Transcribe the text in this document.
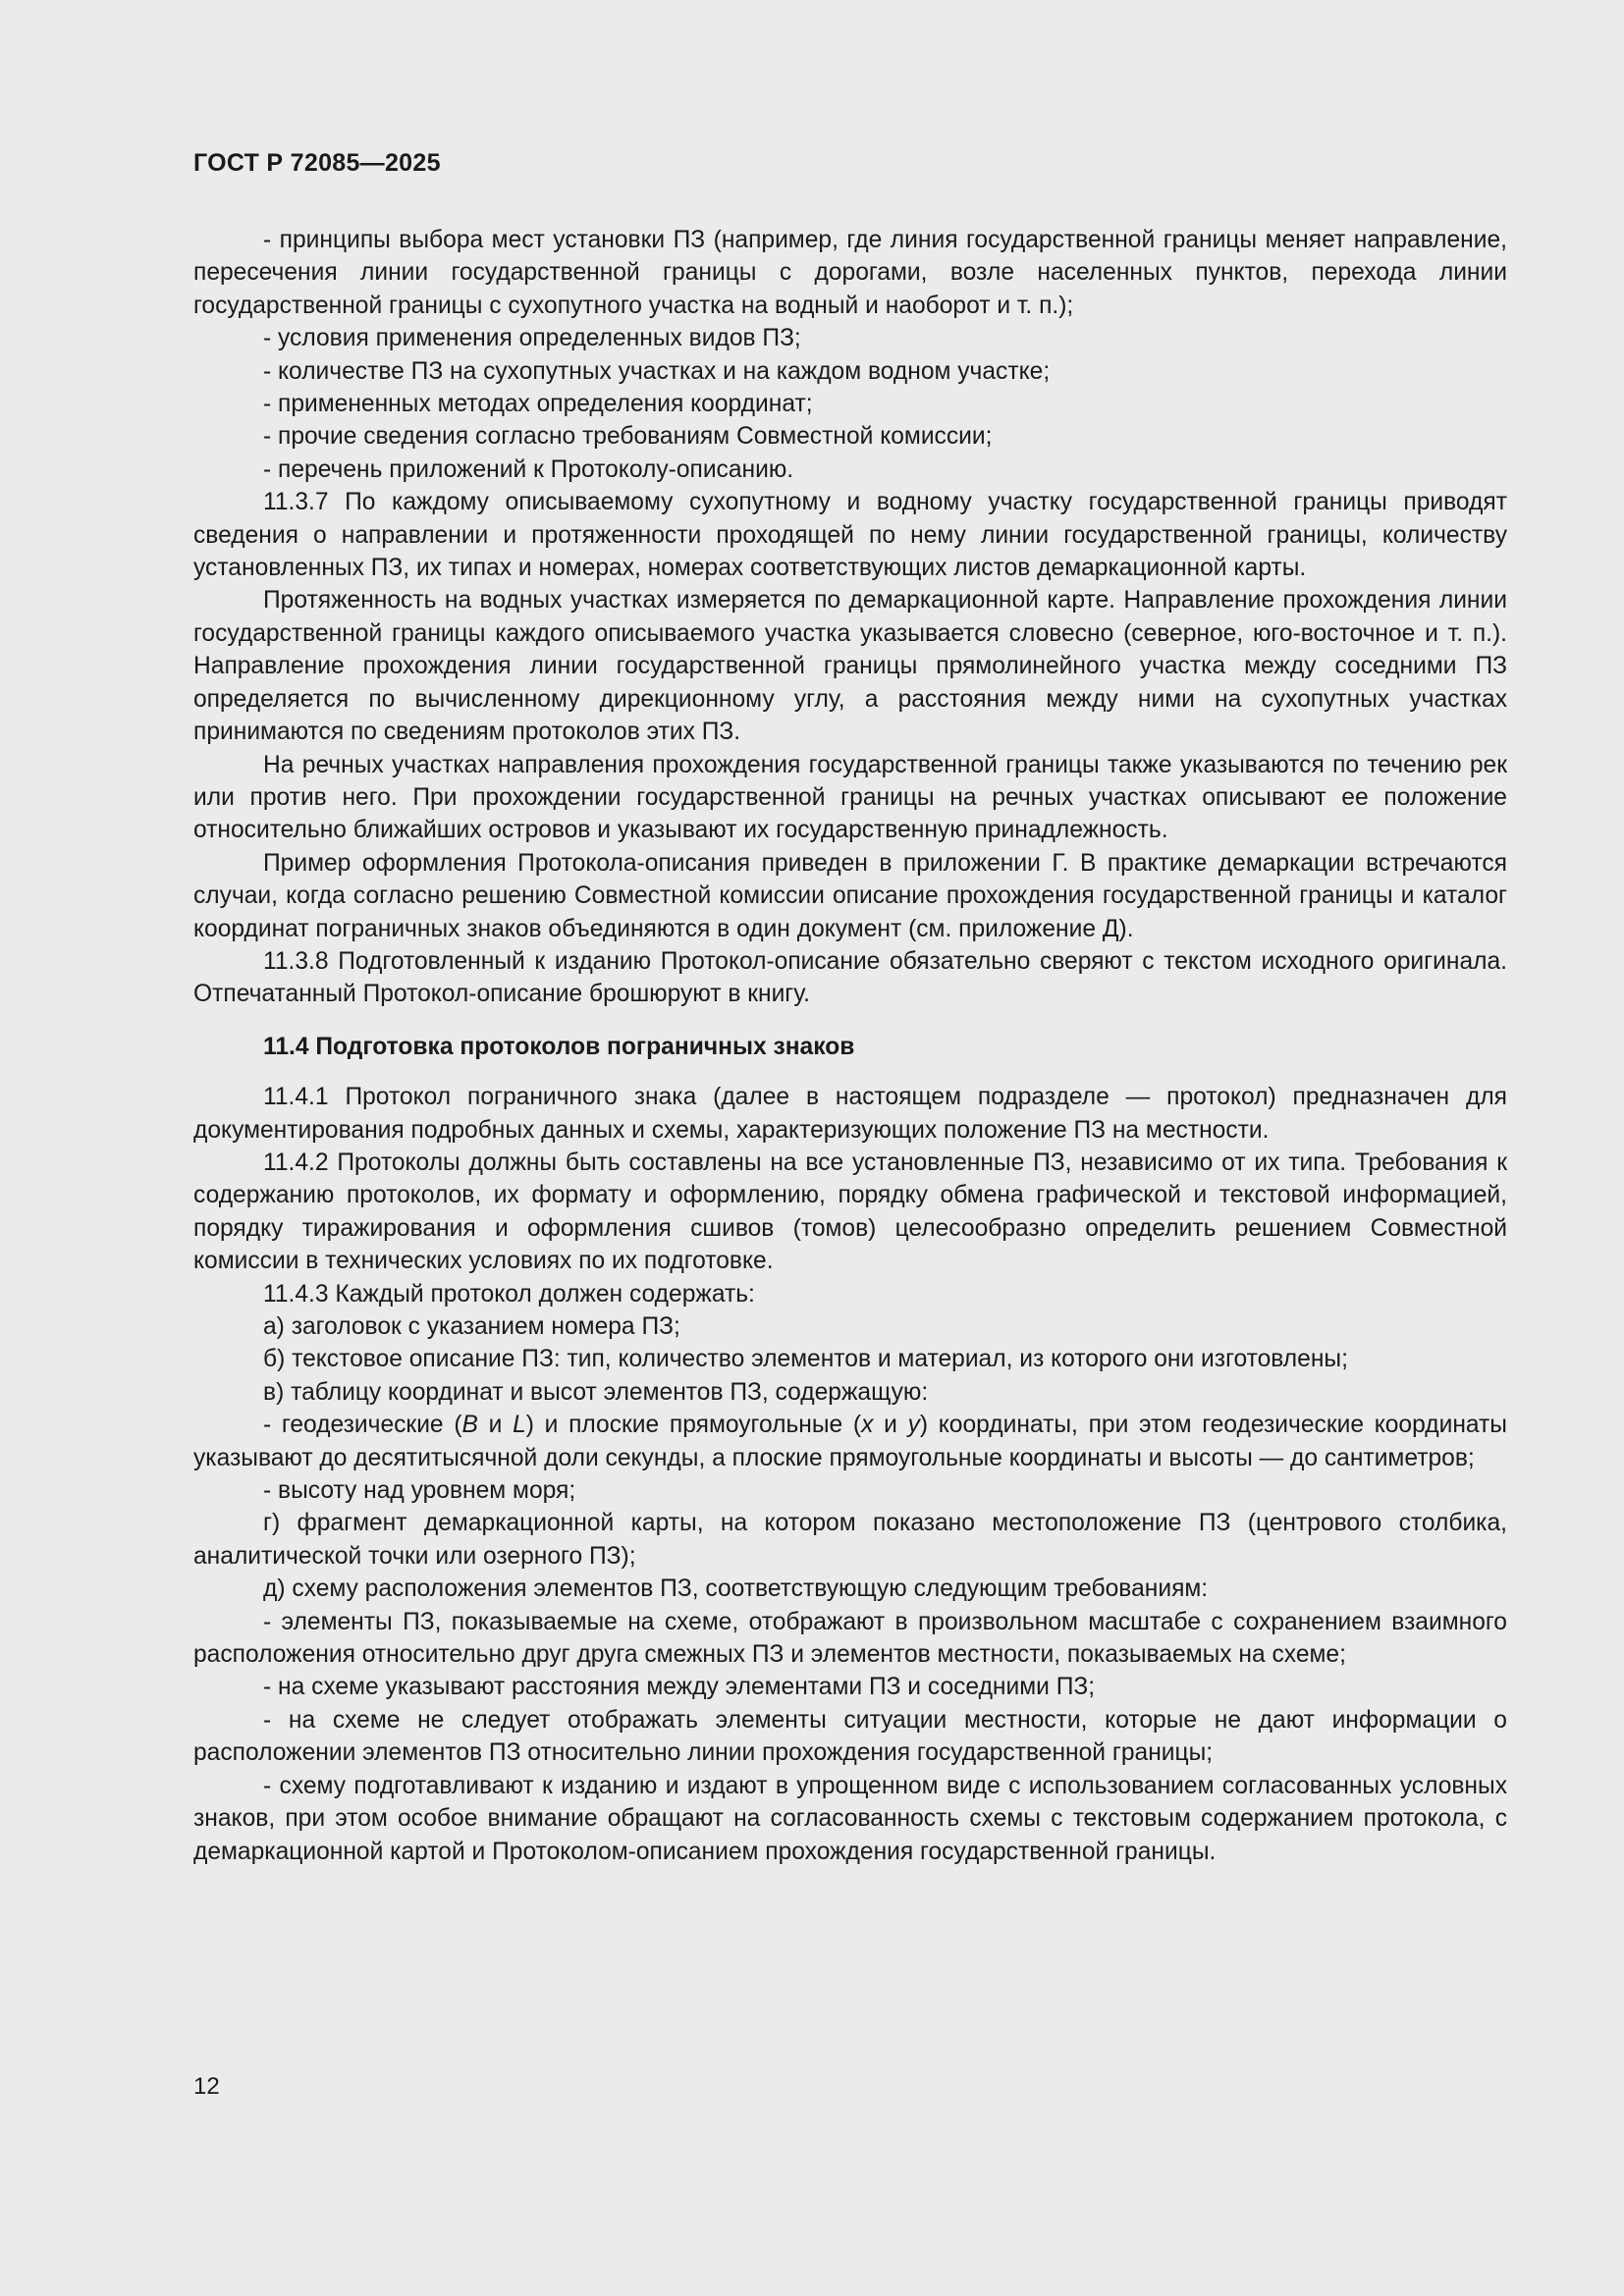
ГОСТ Р 72085—2025

- принципы выбора мест установки ПЗ (например, где линия государственной границы меняет направление, пересечения линии государственной границы с дорогами, возле населенных пунктов, перехода линии государственной границы с сухопутного участка на водный и наоборот и т. п.);

- условия применения определенных видов ПЗ;

- количестве ПЗ на сухопутных участках и на каждом водном участке;

- примененных методах определения координат;

- прочие сведения согласно требованиям Совместной комиссии;

- перечень приложений к Протоколу-описанию.

11.3.7 По каждому описываемому сухопутному и водному участку государственной границы приводят сведения о направлении и протяженности проходящей по нему линии государственной границы, количеству установленных ПЗ, их типах и номерах, номерах соответствующих листов демаркационной карты.

Протяженность на водных участках измеряется по демаркационной карте. Направление прохождения линии государственной границы каждого описываемого участка указывается словесно (северное, юго-восточное и т. п.). Направление прохождения линии государственной границы прямолинейного участка между соседними ПЗ определяется по вычисленному дирекционному углу, а расстояния между ними на сухопутных участках принимаются по сведениям протоколов этих ПЗ.

На речных участках направления прохождения государственной границы также указываются по течению рек или против него. При прохождении государственной границы на речных участках описывают ее положение относительно ближайших островов и указывают их государственную принадлежность.

Пример оформления Протокола-описания приведен в приложении Г. В практике демаркации встречаются случаи, когда согласно решению Совместной комиссии описание прохождения государственной границы и каталог координат пограничных знаков объединяются в один документ (см. приложение Д).

11.3.8 Подготовленный к изданию Протокол-описание обязательно сверяют с текстом исходного оригинала. Отпечатанный Протокол-описание брошюруют в книгу.

11.4 Подготовка протоколов пограничных знаков

11.4.1 Протокол пограничного знака (далее в настоящем подразделе — протокол) предназначен для документирования подробных данных и схемы, характеризующих положение ПЗ на местности.

11.4.2 Протоколы должны быть составлены на все установленные ПЗ, независимо от их типа. Требования к содержанию протоколов, их формату и оформлению, порядку обмена графической и текстовой информацией, порядку тиражирования и оформления сшивов (томов) целесообразно определить решением Совместной комиссии в технических условиях по их подготовке.

11.4.3 Каждый протокол должен содержать:

а) заголовок с указанием номера ПЗ;

б) текстовое описание ПЗ: тип, количество элементов и материал, из которого они изготовлены;

в) таблицу координат и высот элементов ПЗ, содержащую:

- геодезические (B и L) и плоские прямоугольные (x и y) координаты, при этом геодезические координаты указывают до десятитысячной доли секунды, а плоские прямоугольные координаты и высоты — до сантиметров;

- высоту над уровнем моря;

г) фрагмент демаркационной карты, на котором показано местоположение ПЗ (центрового столбика, аналитической точки или озерного ПЗ);

д) схему расположения элементов ПЗ, соответствующую следующим требованиям:

- элементы ПЗ, показываемые на схеме, отображают в произвольном масштабе с сохранением взаимного расположения относительно друг друга смежных ПЗ и элементов местности, показываемых на схеме;

- на схеме указывают расстояния между элементами ПЗ и соседними ПЗ;

- на схеме не следует отображать элементы ситуации местности, которые не дают информации о расположении элементов ПЗ относительно линии прохождения государственной границы;

- схему подготавливают к изданию и издают в упрощенном виде с использованием согласованных условных знаков, при этом особое внимание обращают на согласованность схемы с текстовым содержанием протокола, с демаркационной картой и Протоколом-описанием прохождения государственной границы.

12
